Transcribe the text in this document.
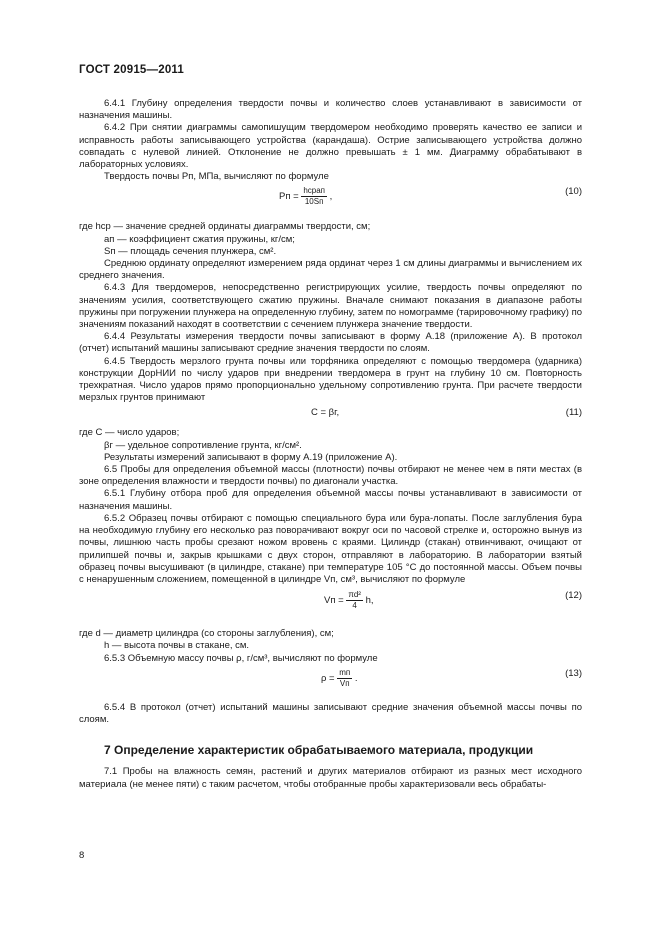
ГОСТ 20915—2011

6.4.1 Глубину определения твердости почвы и количество слоев устанавливают в зависимости от назначения машины.

6.4.2 При снятии диаграммы самопишущим твердомером необходимо проверять качество ее записи и исправность работы записывающего устройства (карандаша). Острие записывающего устройства должно совпадать с нулевой линией. Отклонение не должно превышать ± 1 мм. Диаграмму обрабатывают в лабораторных условиях.

Твердость почвы Pп, МПа, вычисляют по формуле

Pп = $\frac{\text{hсрaп}}{10Sп}$ ,	(10)

где hср — значение средней ординаты диаграммы твердости, см;

aп — коэффициент сжатия пружины, кг/см;

Sп — площадь сечения плунжера, см².

Среднюю ординату определяют измерением ряда ординат через 1 см длины диаграммы и вычислением их среднего значения.

6.4.3 Для твердомеров, непосредственно регистрирующих усилие, твердость почвы определяют по значениям усилия, соответствующего сжатию пружины. Вначале снимают показания в диапазоне работы пружины при погружении плунжера на определенную глубину, затем по номограмме (тарировочному графику) по значениям показаний находят в соответствии с сечением плунжера значение твердости.

6.4.4 Результаты измерения твердости почвы записывают в форму А.18 (приложение А). В протокол (отчет) испытаний машины записывают средние значения твердости по слоям.

6.4.5 Твердость мерзлого грунта почвы или торфяника определяют с помощью твердомера (ударника) конструкции ДорНИИ по числу ударов при внедрении твердомера в грунт на глубину 10 см. Повторность трехкратная. Число ударов прямо пропорционально удельному сопротивлению грунта. При расчете твердости мерзлых грунтов принимают

C = βг,	(11)

где C — число ударов;

βг — удельное сопротивление грунта, кг/см².

Результаты измерений записывают в форму А.19 (приложение А).

6.5 Пробы для определения объемной массы (плотности) почвы отбирают не менее чем в пяти местах (в зоне определения влажности и твердости почвы) по диагонали участка.

6.5.1 Глубину отбора проб для определения объемной массы почвы устанавливают в зависимости от назначения машины.

6.5.2 Образец почвы отбирают с помощью специального бура или бура-лопаты. После заглубления бура на необходимую глубину его несколько раз поворачивают вокруг оси по часовой стрелке и, осторожно вынув из почвы, лишнюю часть пробы срезают ножом вровень с краями. Цилиндр (стакан) отвинчивают, очищают от прилипшей почвы и, закрыв крышками с двух сторон, отправляют в лабораторию. В лаборатории взятый образец почвы высушивают (в цилиндре, стакане) при температуре 105 °С до постоянной массы. Объем почвы с ненарушенным сложением, помещенной в цилиндре Vп, см³, вычисляют по формуле

Vп = $\frac{\text{πd²}}{4} h$,	(12)

где d — диаметр цилиндра (со стороны заглубления), см;

h — высота почвы в стакане, см.

6.5.3 Объемную массу почвы ρ, г/см³, вычисляют по формуле

$\rho = \frac{mп}{Vп}$ .	(13)

6.5.4 В протокол (отчет) испытаний машины записывают средние значения объемной массы почвы по слоям.

7 Определение характеристик обрабатываемого материала, продукции

7.1 Пробы на влажность семян, растений и других материалов отбирают из разных мест исходного материала (не менее пяти) с таким расчетом, чтобы отобранные пробы характеризовали весь обрабаты-

8
